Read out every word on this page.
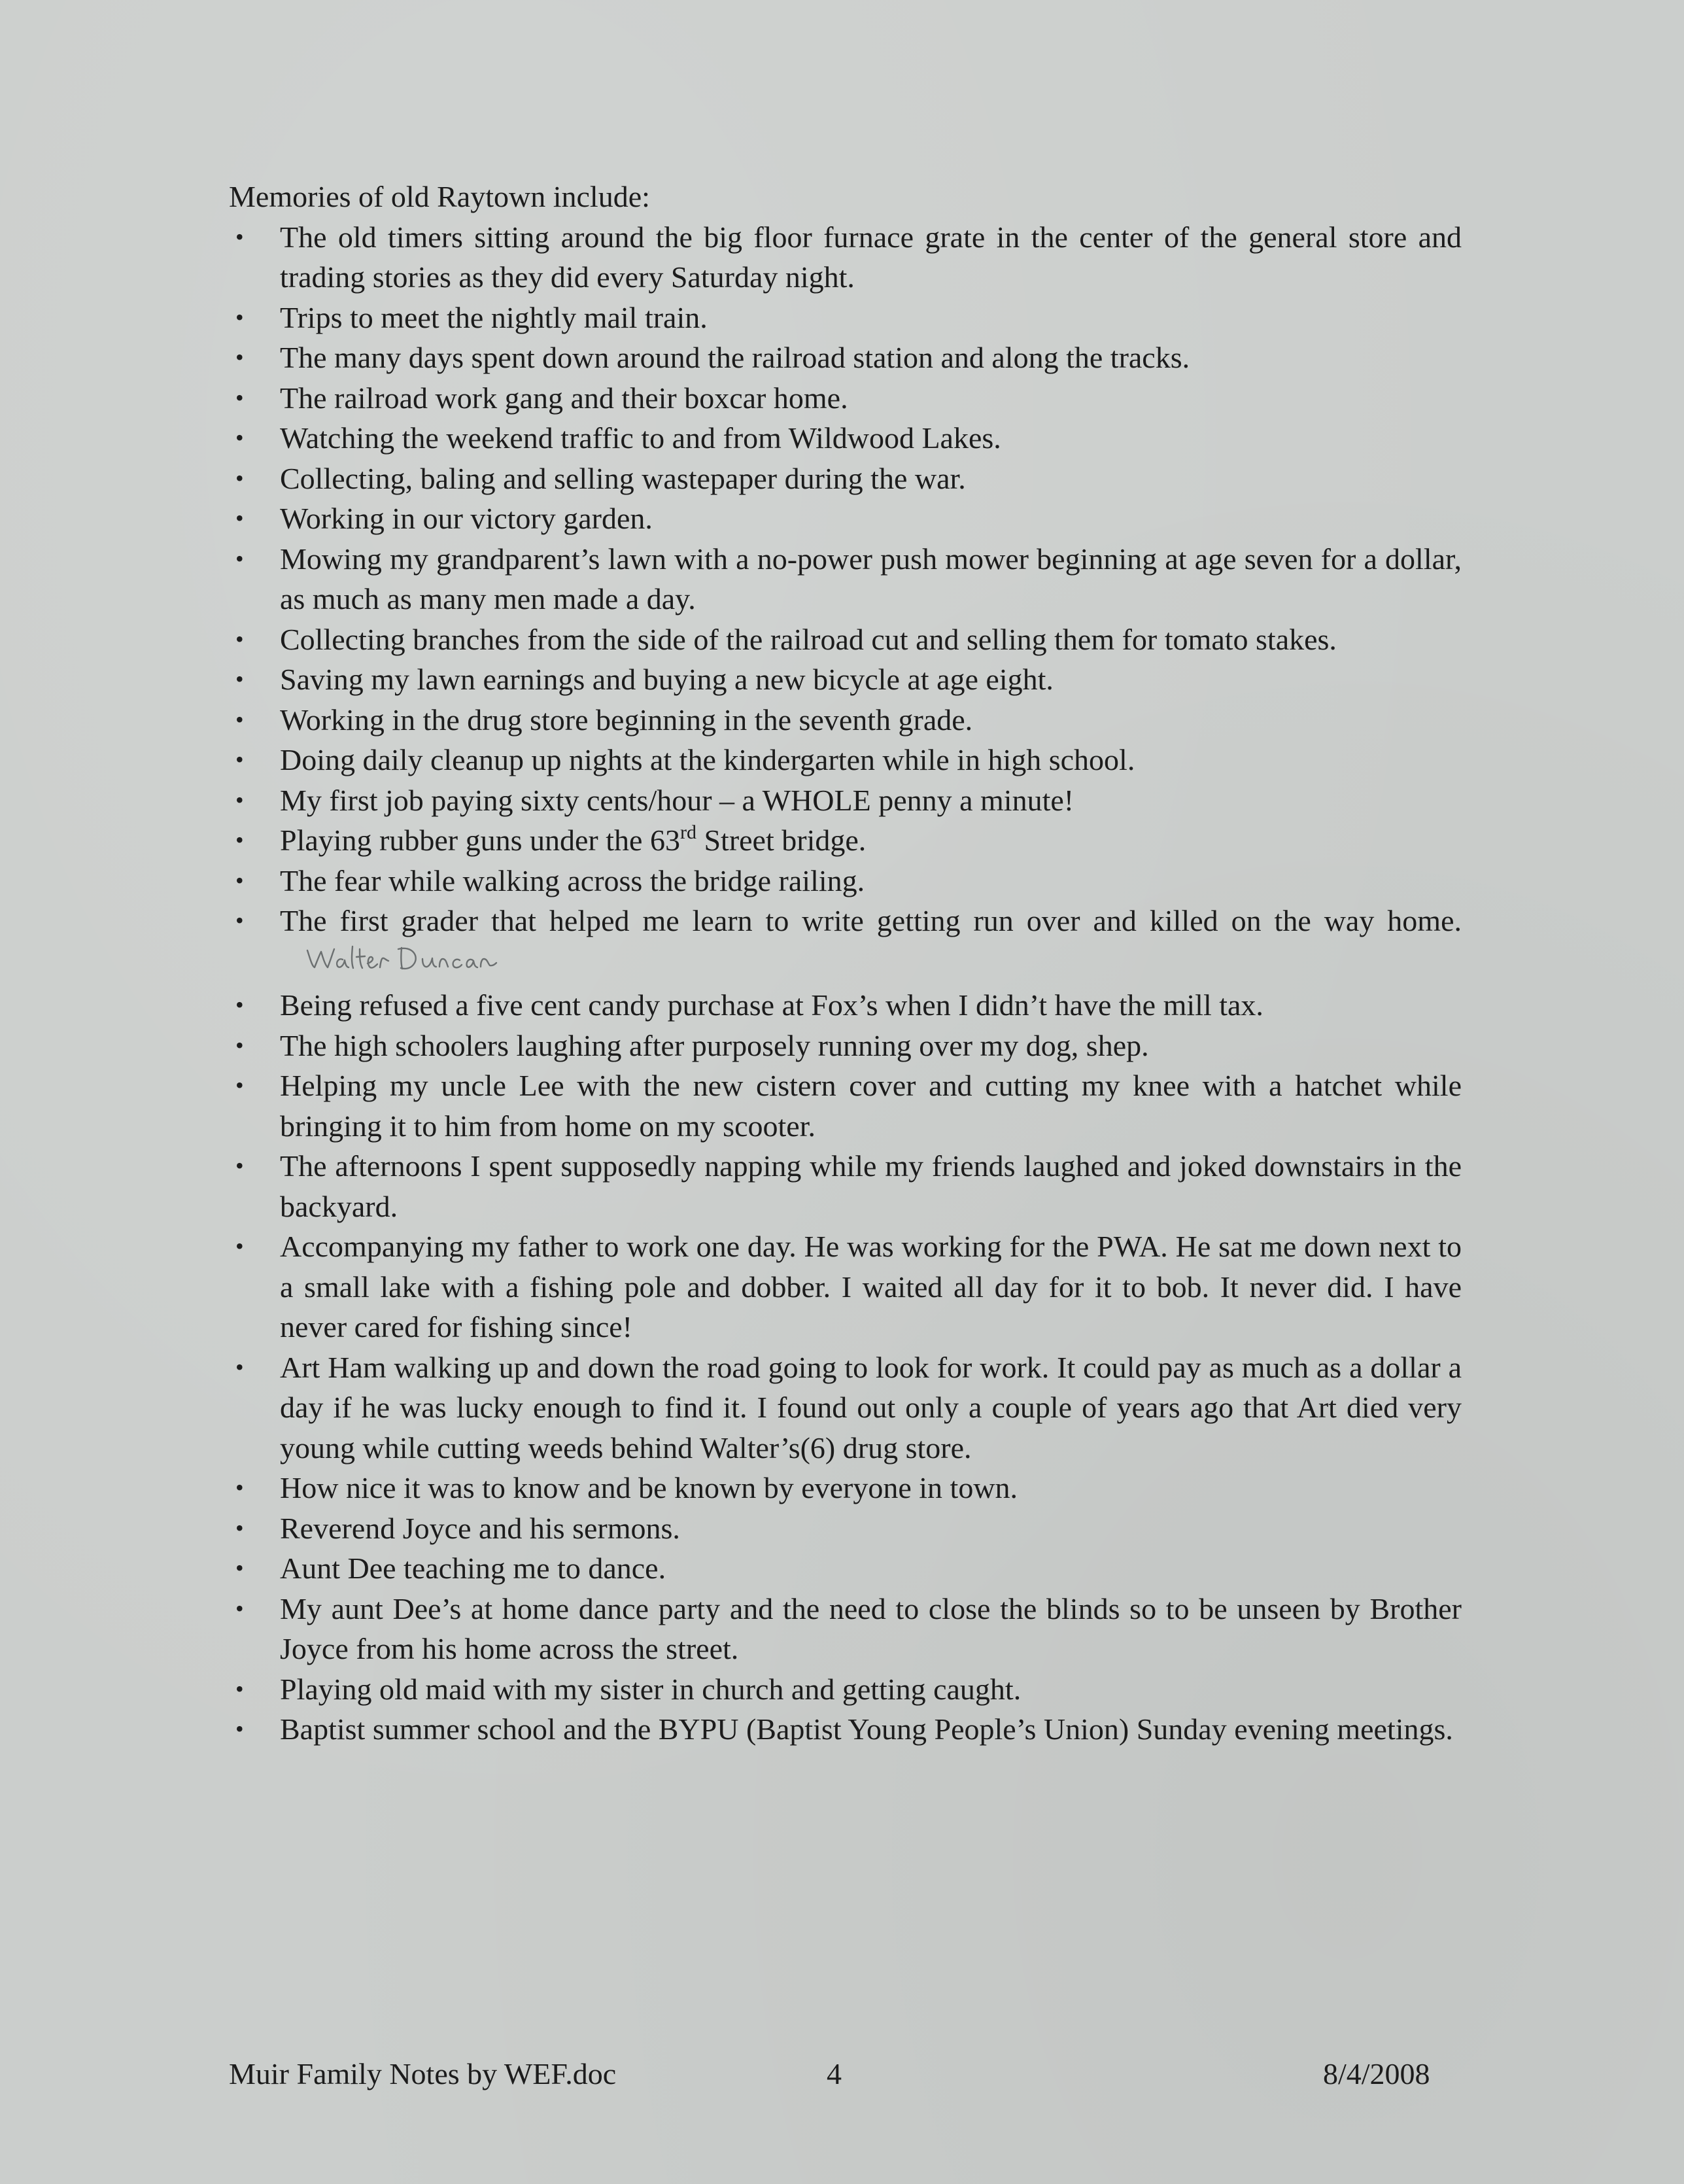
Memories of old Raytown include:

•	The old timers sitting around the big floor furnace grate in the center of the general store and trading stories as they did every Saturday night.
•	Trips to meet the nightly mail train.
•	The many days spent down around the railroad station and along the tracks.
•	The railroad work gang and their boxcar home.
•	Watching the weekend traffic to and from Wildwood Lakes.
•	Collecting, baling and selling wastepaper during the war.
•	Working in our victory garden.
•	Mowing my grandparent’s lawn with a no-power push mower beginning at age seven for a dollar, as much as many men made a day.
•	Collecting branches from the side of the railroad cut and selling them for tomato stakes.
•	Saving my lawn earnings and buying a new bicycle at age eight.
•	Working in the drug store beginning in the seventh grade.
•	Doing daily cleanup up nights at the kindergarten while in high school.
•	My first job paying sixty cents/hour – a WHOLE penny a minute!
•	Playing rubber guns under the 63rd Street bridge.
•	The fear while walking across the bridge railing.
•	The first grader that helped me learn to write getting run over and killed on the way home.
•	Being refused a five cent candy purchase at Fox’s when I didn’t have the mill tax.
•	The high schoolers laughing after purposely running over my dog, shep.
•	Helping my uncle Lee with the new cistern cover and cutting my knee with a hatchet while bringing it to him from home on my scooter.
•	The afternoons I spent supposedly napping while my friends laughed and joked downstairs in the backyard.
•	Accompanying my father to work one day. He was working for the PWA. He sat me down next to a small lake with a fishing pole and dobber. I waited all day for it to bob. It never did. I have never cared for fishing since!
•	Art Ham walking up and down the road going to look for work. It could pay as much as a dollar a day if he was lucky enough to find it. I found out only a couple of years ago that Art died very young while cutting weeds behind Walter’s(6) drug store.
•	How nice it was to know and be known by everyone in town.
•	Reverend Joyce and his sermons.
•	Aunt Dee teaching me to dance.
•	My aunt Dee’s at home dance party and the need to close the blinds so to be unseen by Brother Joyce from his home across the street.
•	Playing old maid with my sister in church and getting caught.
•	Baptist summer school and the BYPU (Baptist Young People’s Union) Sunday evening meetings.
Muir Family Notes by WEF.doc	4	8/4/2008
